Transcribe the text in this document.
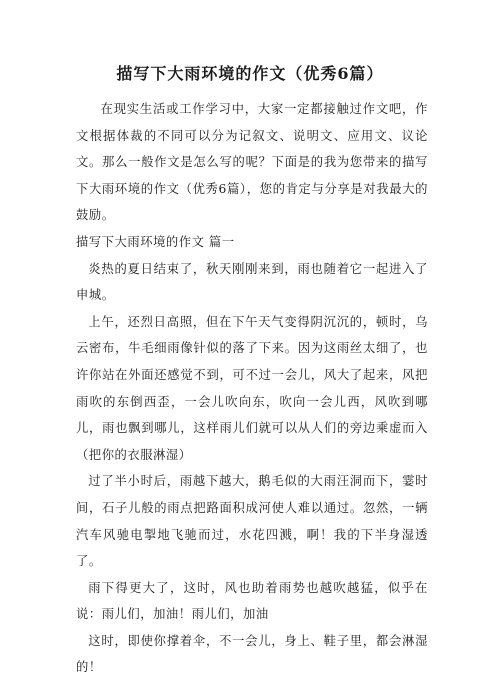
描写下大雨环境的作文（优秀6篇）

在现实生活或工作学习中，大家一定都接触过作文吧，作文根据体裁的不同可以分为记叙文、说明文、应用文、议论文。那么一般作文是怎么写的呢？下面是的我为您带来的描写下大雨环境的作文（优秀6篇），您的肯定与分享是对我最大的鼓励。

描写下大雨环境的作文 篇一

炎热的夏日结束了，秋天刚刚来到，雨也随着它一起进入了申城。

上午，还烈日高照，但在下午天气变得阴沉沉的，顿时，乌云密布，牛毛细雨像针似的落了下来。因为这雨丝太细了，也许你站在外面还感觉不到，可不过一会儿，风大了起来，风把雨吹的东倒西歪，一会儿吹向东，吹向一会儿西，风吹到哪儿，雨也飘到哪儿，这样雨儿们就可以从人们的旁边乘虚而入（把你的衣服淋湿）

过了半小时后，雨越下越大，鹅毛似的大雨汪洞而下，霎时间，石子儿般的雨点把路面积成河使人难以通过。忽然，一辆汽车风驰电掣地飞驰而过，水花四溅，啊！我的下半身湿透了。

雨下得更大了，这时，风也助着雨势也越吹越猛，似乎在说：雨儿们，加油！雨儿们，加油

这时，即使你撑着伞，不一会儿，身上、鞋子里，都会淋湿的！
